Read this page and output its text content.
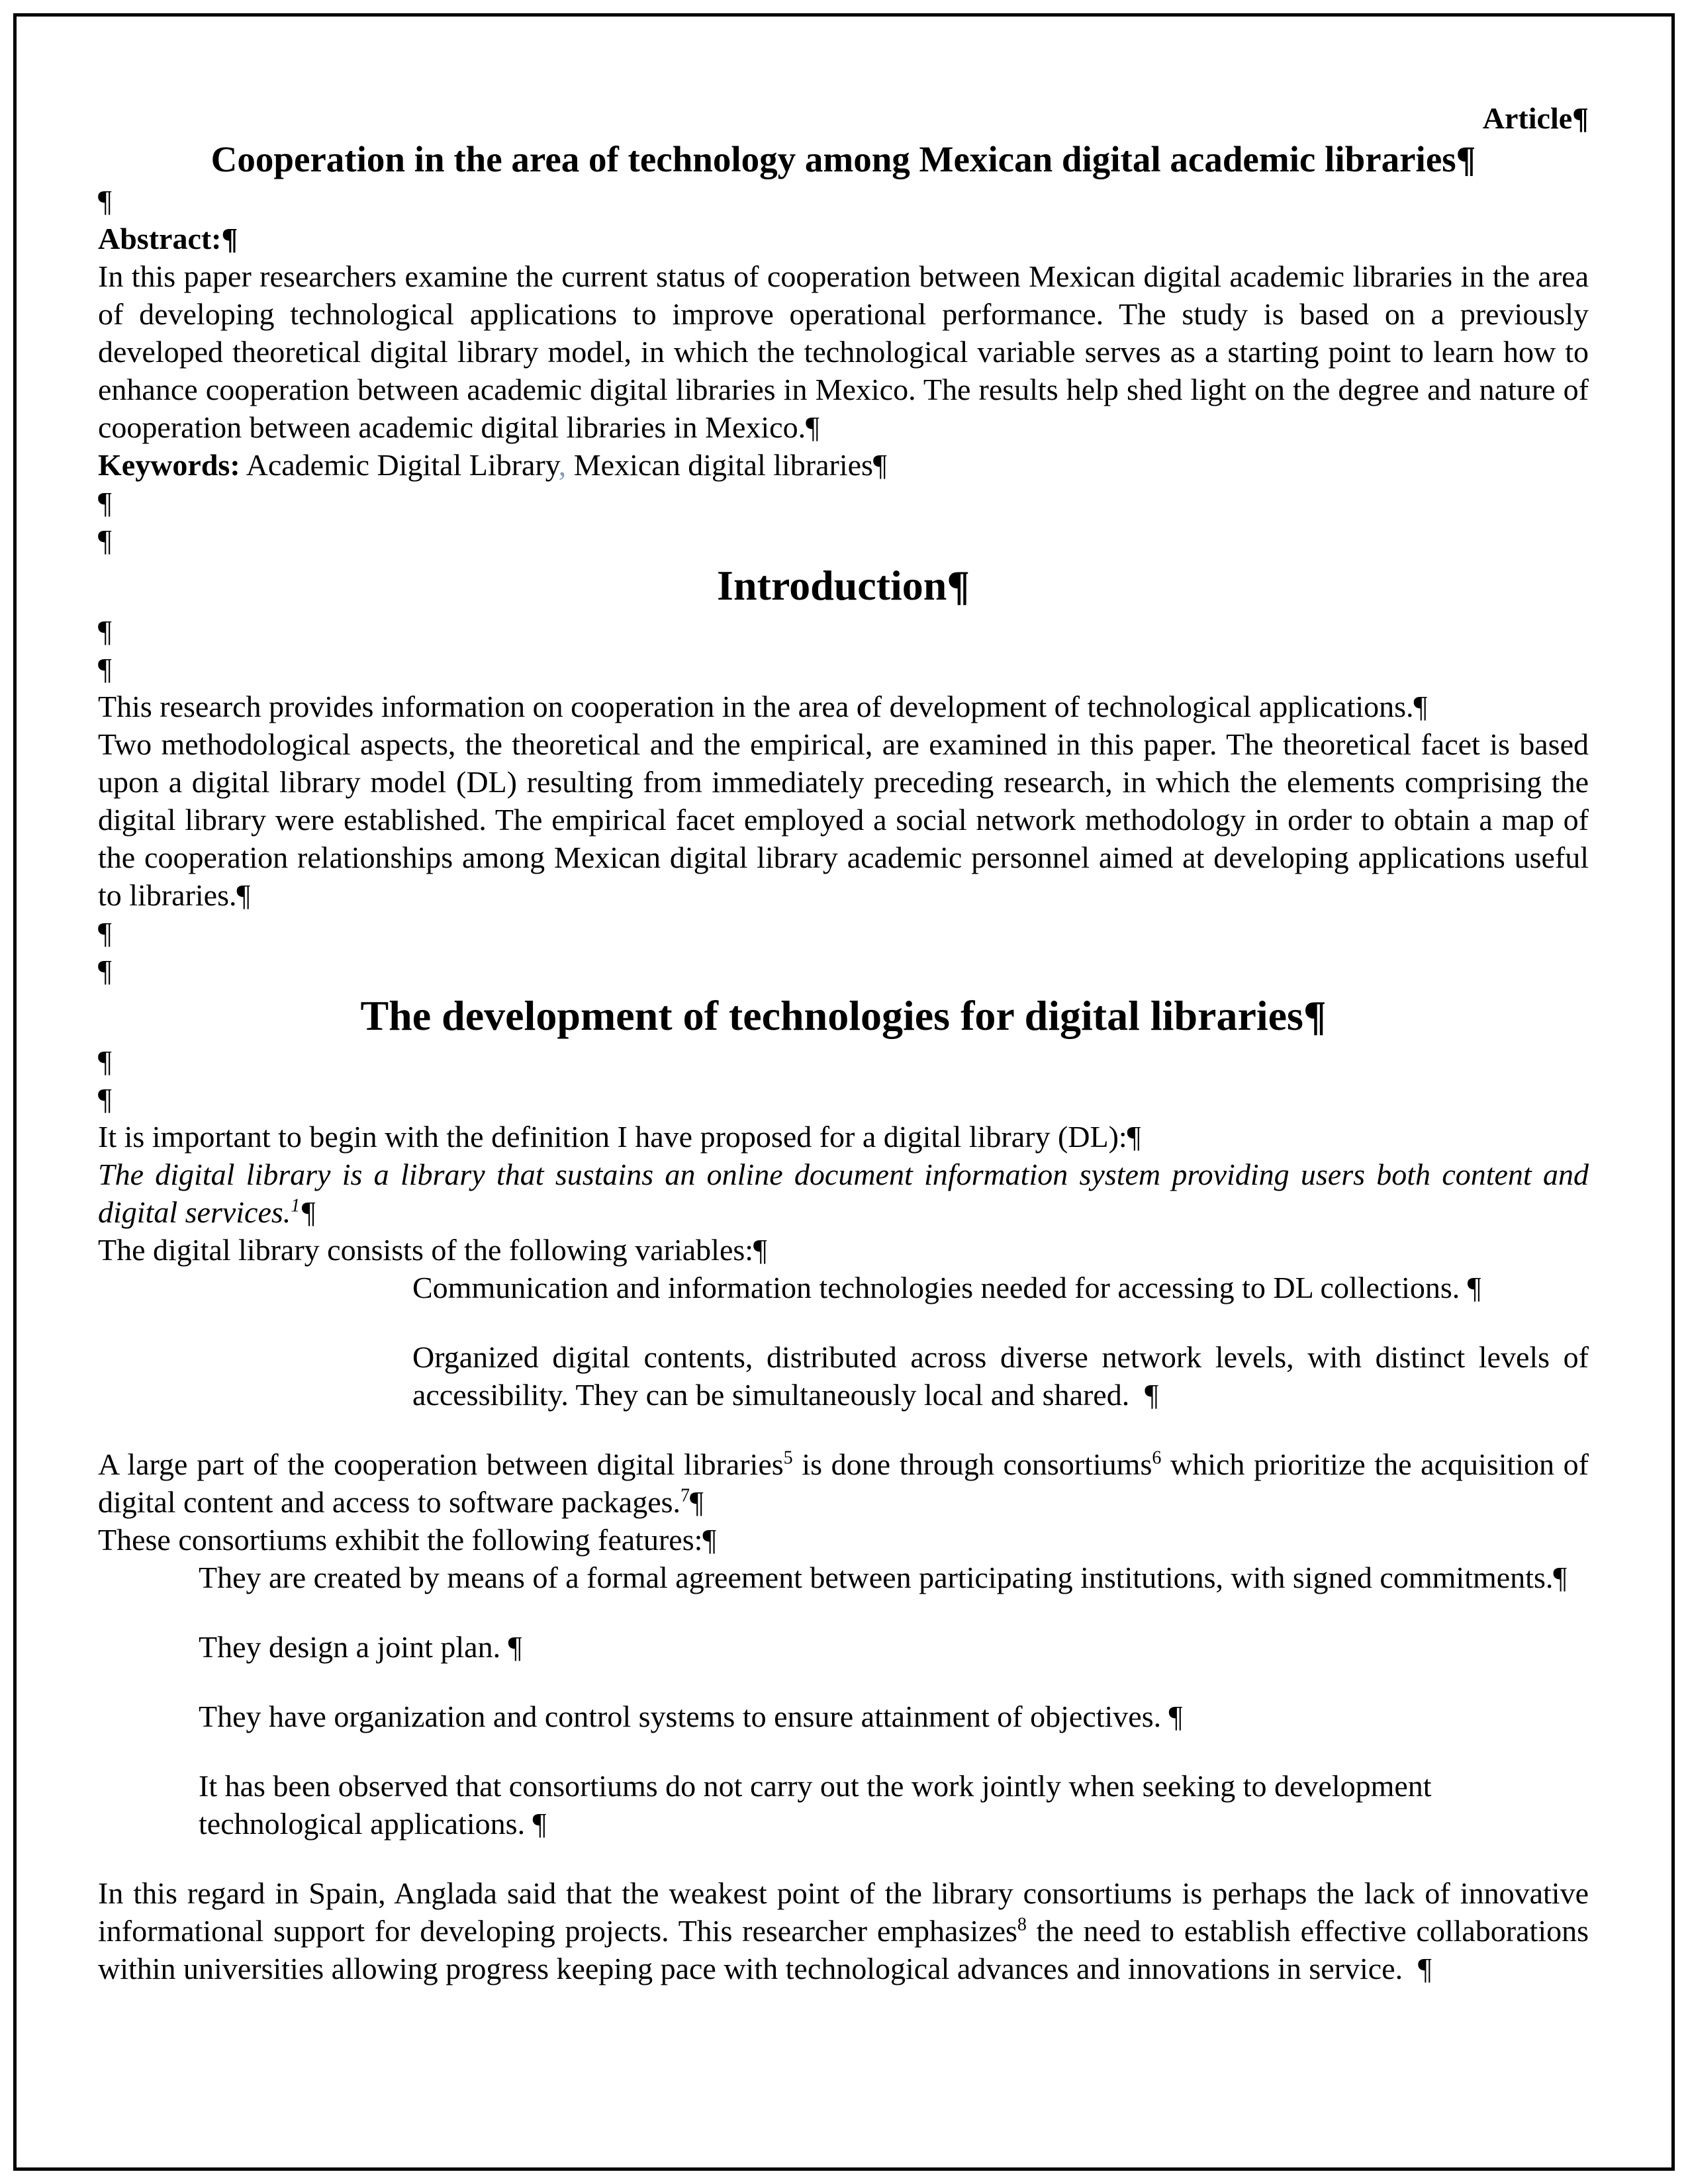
Article¶

Cooperation in the area of technology among Mexican digital academic libraries¶

¶

Abstract:¶

In this paper researchers examine the current status of cooperation between Mexican digital academic libraries in the area of developing technological applications to improve operational performance. The study is based on a previously developed theoretical digital library model, in which the technological variable serves as a starting point to learn how to enhance cooperation between academic digital libraries in Mexico. The results help shed light on the degree and nature of cooperation between academic digital libraries in Mexico.¶

Keywords: Academic Digital Library, Mexican digital libraries¶

¶

¶

Introduction¶

¶

¶

This research provides information on cooperation in the area of development of technological applications.¶

Two methodological aspects, the theoretical and the empirical, are examined in this paper. The theoretical facet is based upon a digital library model (DL) resulting from immediately preceding research, in which the elements comprising the digital library were established. The empirical facet employed a social network methodology in order to obtain a map of the cooperation relationships among Mexican digital library academic personnel aimed at developing applications useful to libraries.¶

¶

¶

The development of technologies for digital libraries¶

¶

¶

It is important to begin with the definition I have proposed for a digital library (DL):¶

The digital library is a library that sustains an online document information system providing users both content and digital services.$^1$¶

The digital library consists of the following variables:¶

Communication and information technologies needed for accessing to DL collections. ¶

Organized digital contents, distributed across diverse network levels, with distinct levels of accessibility. They can be simultaneously local and shared.  ¶

A large part of the cooperation between digital libraries$^5$ is done through consortiums$^6$ which prioritize the acquisition of digital content and access to software packages.$^7$¶

These consortiums exhibit the following features:¶

They are created by means of a formal agreement between participating institutions, with signed commitments.¶

They design a joint plan. ¶

They have organization and control systems to ensure attainment of objectives. ¶

It has been observed that consortiums do not carry out the work jointly when seeking to development technological applications. ¶

In this regard in Spain, Anglada said that the weakest point of the library consortiums is perhaps the lack of innovative informational support for developing projects. This researcher emphasizes$^8$ the need to establish effective collaborations within universities allowing progress keeping pace with technological advances and innovations in service.  ¶
